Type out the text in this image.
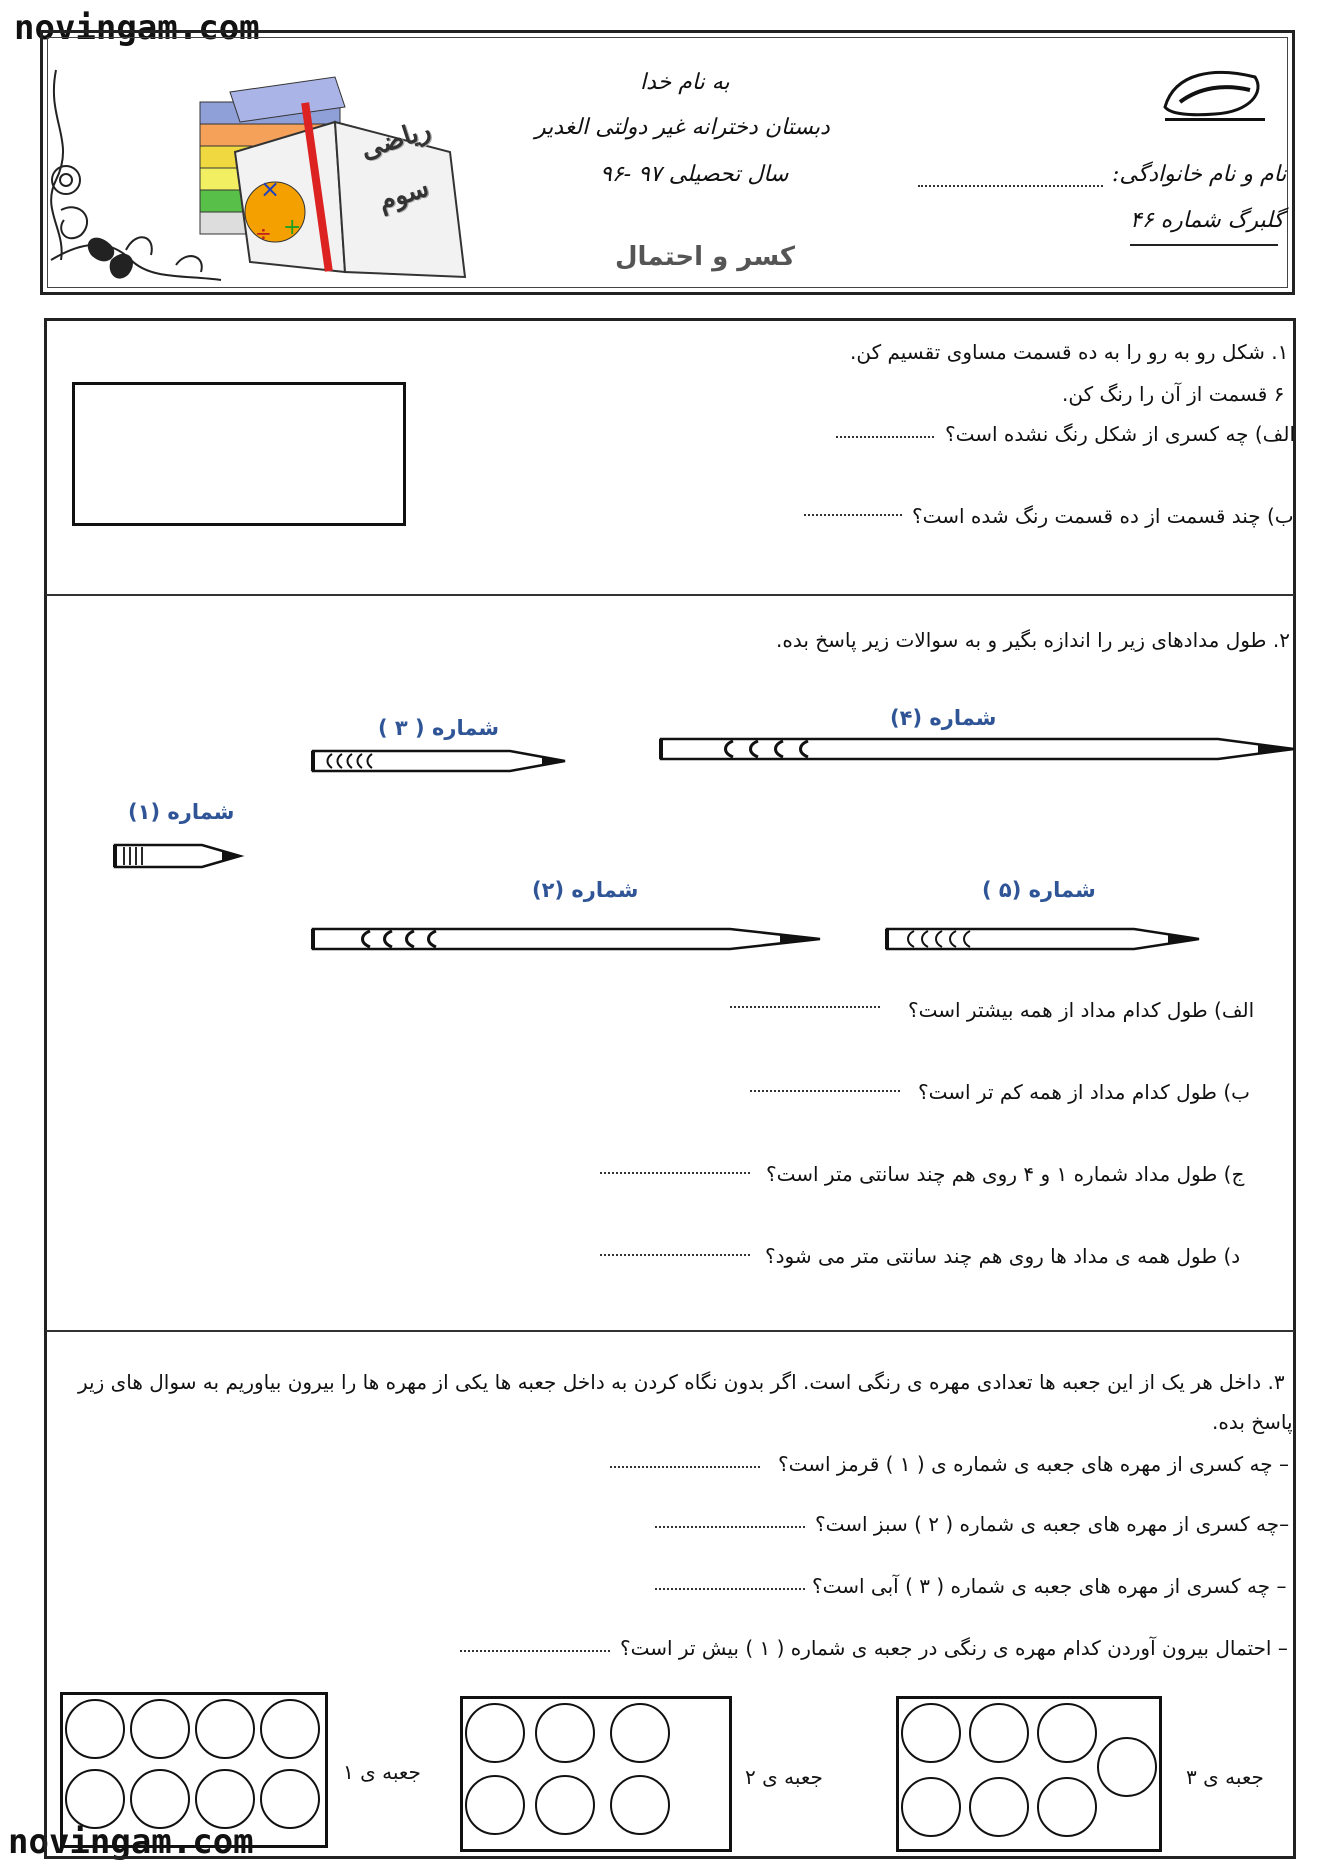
novingam.com
novingam.com
×
+
÷
ریاضی
سوم
به نام خدا
دبستان دخترانه غیر دولتی الغدیر
سال تحصیلی ۹۷ -۹۶
کسر و احتمال
نام و نام خانوادگی:
گلبرگ شماره ۴۶
۱. شکل رو به رو را به ده قسمت مساوی تقسیم کن.
۶ قسمت از آن را رنگ کن.
الف) چه کسری از شکل رنگ نشده است؟
ب) چند قسمت از ده قسمت رنگ شده است؟
۲. طول مدادهای زیر را اندازه بگیر و به سوالات زیر پاسخ بده.
شماره (۱)
شماره (۲)
شماره ( ۳ )	شماره (۴)
شماره (۵ )
الف) طول کدام مداد از همه بیشتر است؟
ب) طول کدام مداد از همه کم تر است؟
ج) طول مداد شماره ۱ و ۴ روی هم چند سانتی متر است؟
د) طول همه ی مداد ها روی هم چند سانتی متر می شود؟
۳. داخل هر یک از این جعبه ها تعدادی مهره ی رنگی است. اگر بدون نگاه کردن به داخل جعبه ها یکی از مهره ها را بیرون بیاوریم به سوال های زیر
پاسخ بده.
– چه کسری از مهره های جعبه ی شماره ی ( ۱ ) قرمز است؟
–چه کسری از مهره های جعبه ی شماره ( ۲ ) سبز است؟
– چه کسری از مهره های جعبه ی شماره ( ۳ ) آبی است؟
– احتمال بیرون آوردن کدام مهره ی رنگی در جعبه ی شماره ( ۱ ) بیش تر است؟
جعبه ی ۱	جعبه ی ۲	جعبه ی ۳
